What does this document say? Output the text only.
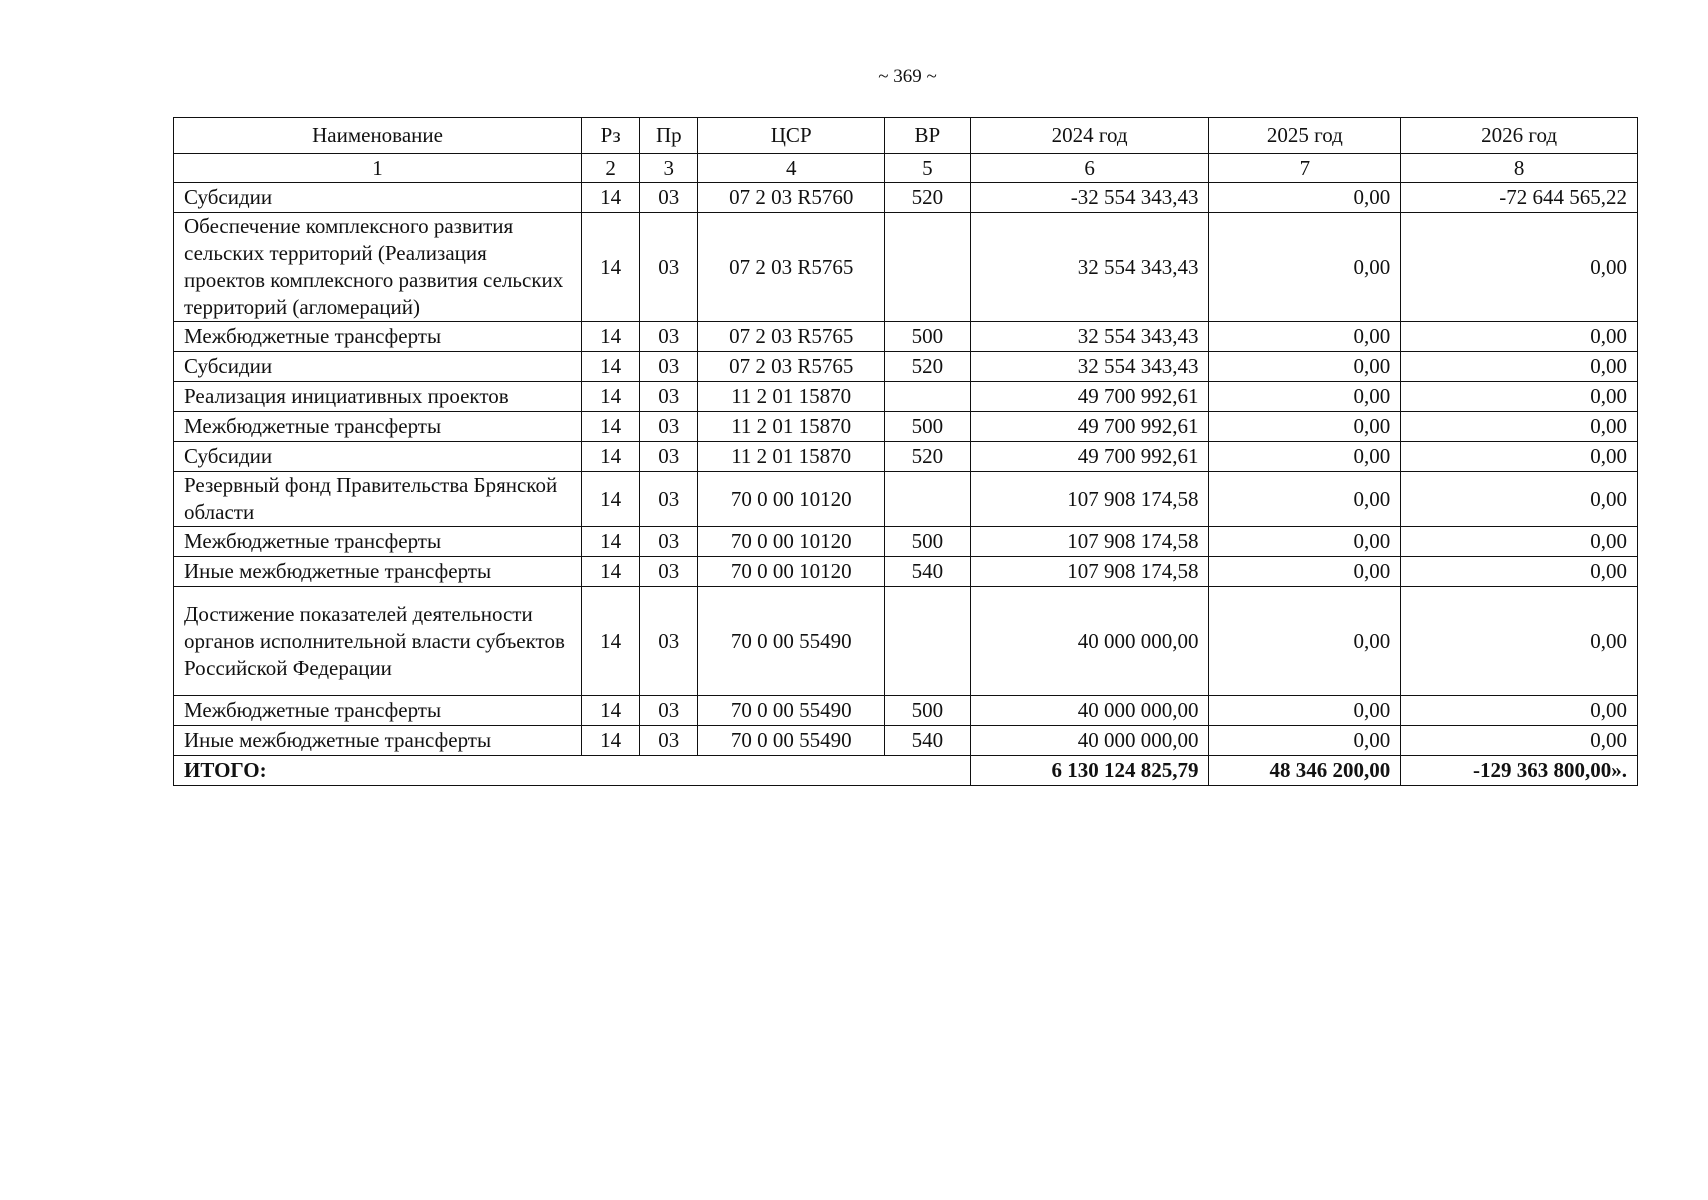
~ 369 ~
Наименование	Рз	Пр	ЦСР	ВР	2024 год	2025 год	2026 год
1	2	3	4	5	6	7	8
Субсидии	14	03	07 2 03 R5760	520	-32 554 343,43	0,00	-72 644 565,22
Обеспечение комплексного развития сельских территорий (Реализация проектов комплексного развития сельских территорий (агломераций)	14	03	07 2 03 R5765		32 554 343,43	0,00	0,00
Межбюджетные трансферты	14	03	07 2 03 R5765	500	32 554 343,43	0,00	0,00
Субсидии	14	03	07 2 03 R5765	520	32 554 343,43	0,00	0,00
Реализация инициативных проектов	14	03	11 2 01 15870		49 700 992,61	0,00	0,00
Межбюджетные трансферты	14	03	11 2 01 15870	500	49 700 992,61	0,00	0,00
Субсидии	14	03	11 2 01 15870	520	49 700 992,61	0,00	0,00
Резервный фонд Правительства Брянской области	14	03	70 0 00 10120		107 908 174,58	0,00	0,00
Межбюджетные трансферты	14	03	70 0 00 10120	500	107 908 174,58	0,00	0,00
Иные межбюджетные трансферты	14	03	70 0 00 10120	540	107 908 174,58	0,00	0,00
Достижение показателей деятельности органов исполнительной власти субъектов Российской Федерации	14	03	70 0 00 55490		40 000 000,00	0,00	0,00
Межбюджетные трансферты	14	03	70 0 00 55490	500	40 000 000,00	0,00	0,00
Иные межбюджетные трансферты	14	03	70 0 00 55490	540	40 000 000,00	0,00	0,00
ИТОГО:					6 130 124 825,79	48 346 200,00	-129 363 800,00».
